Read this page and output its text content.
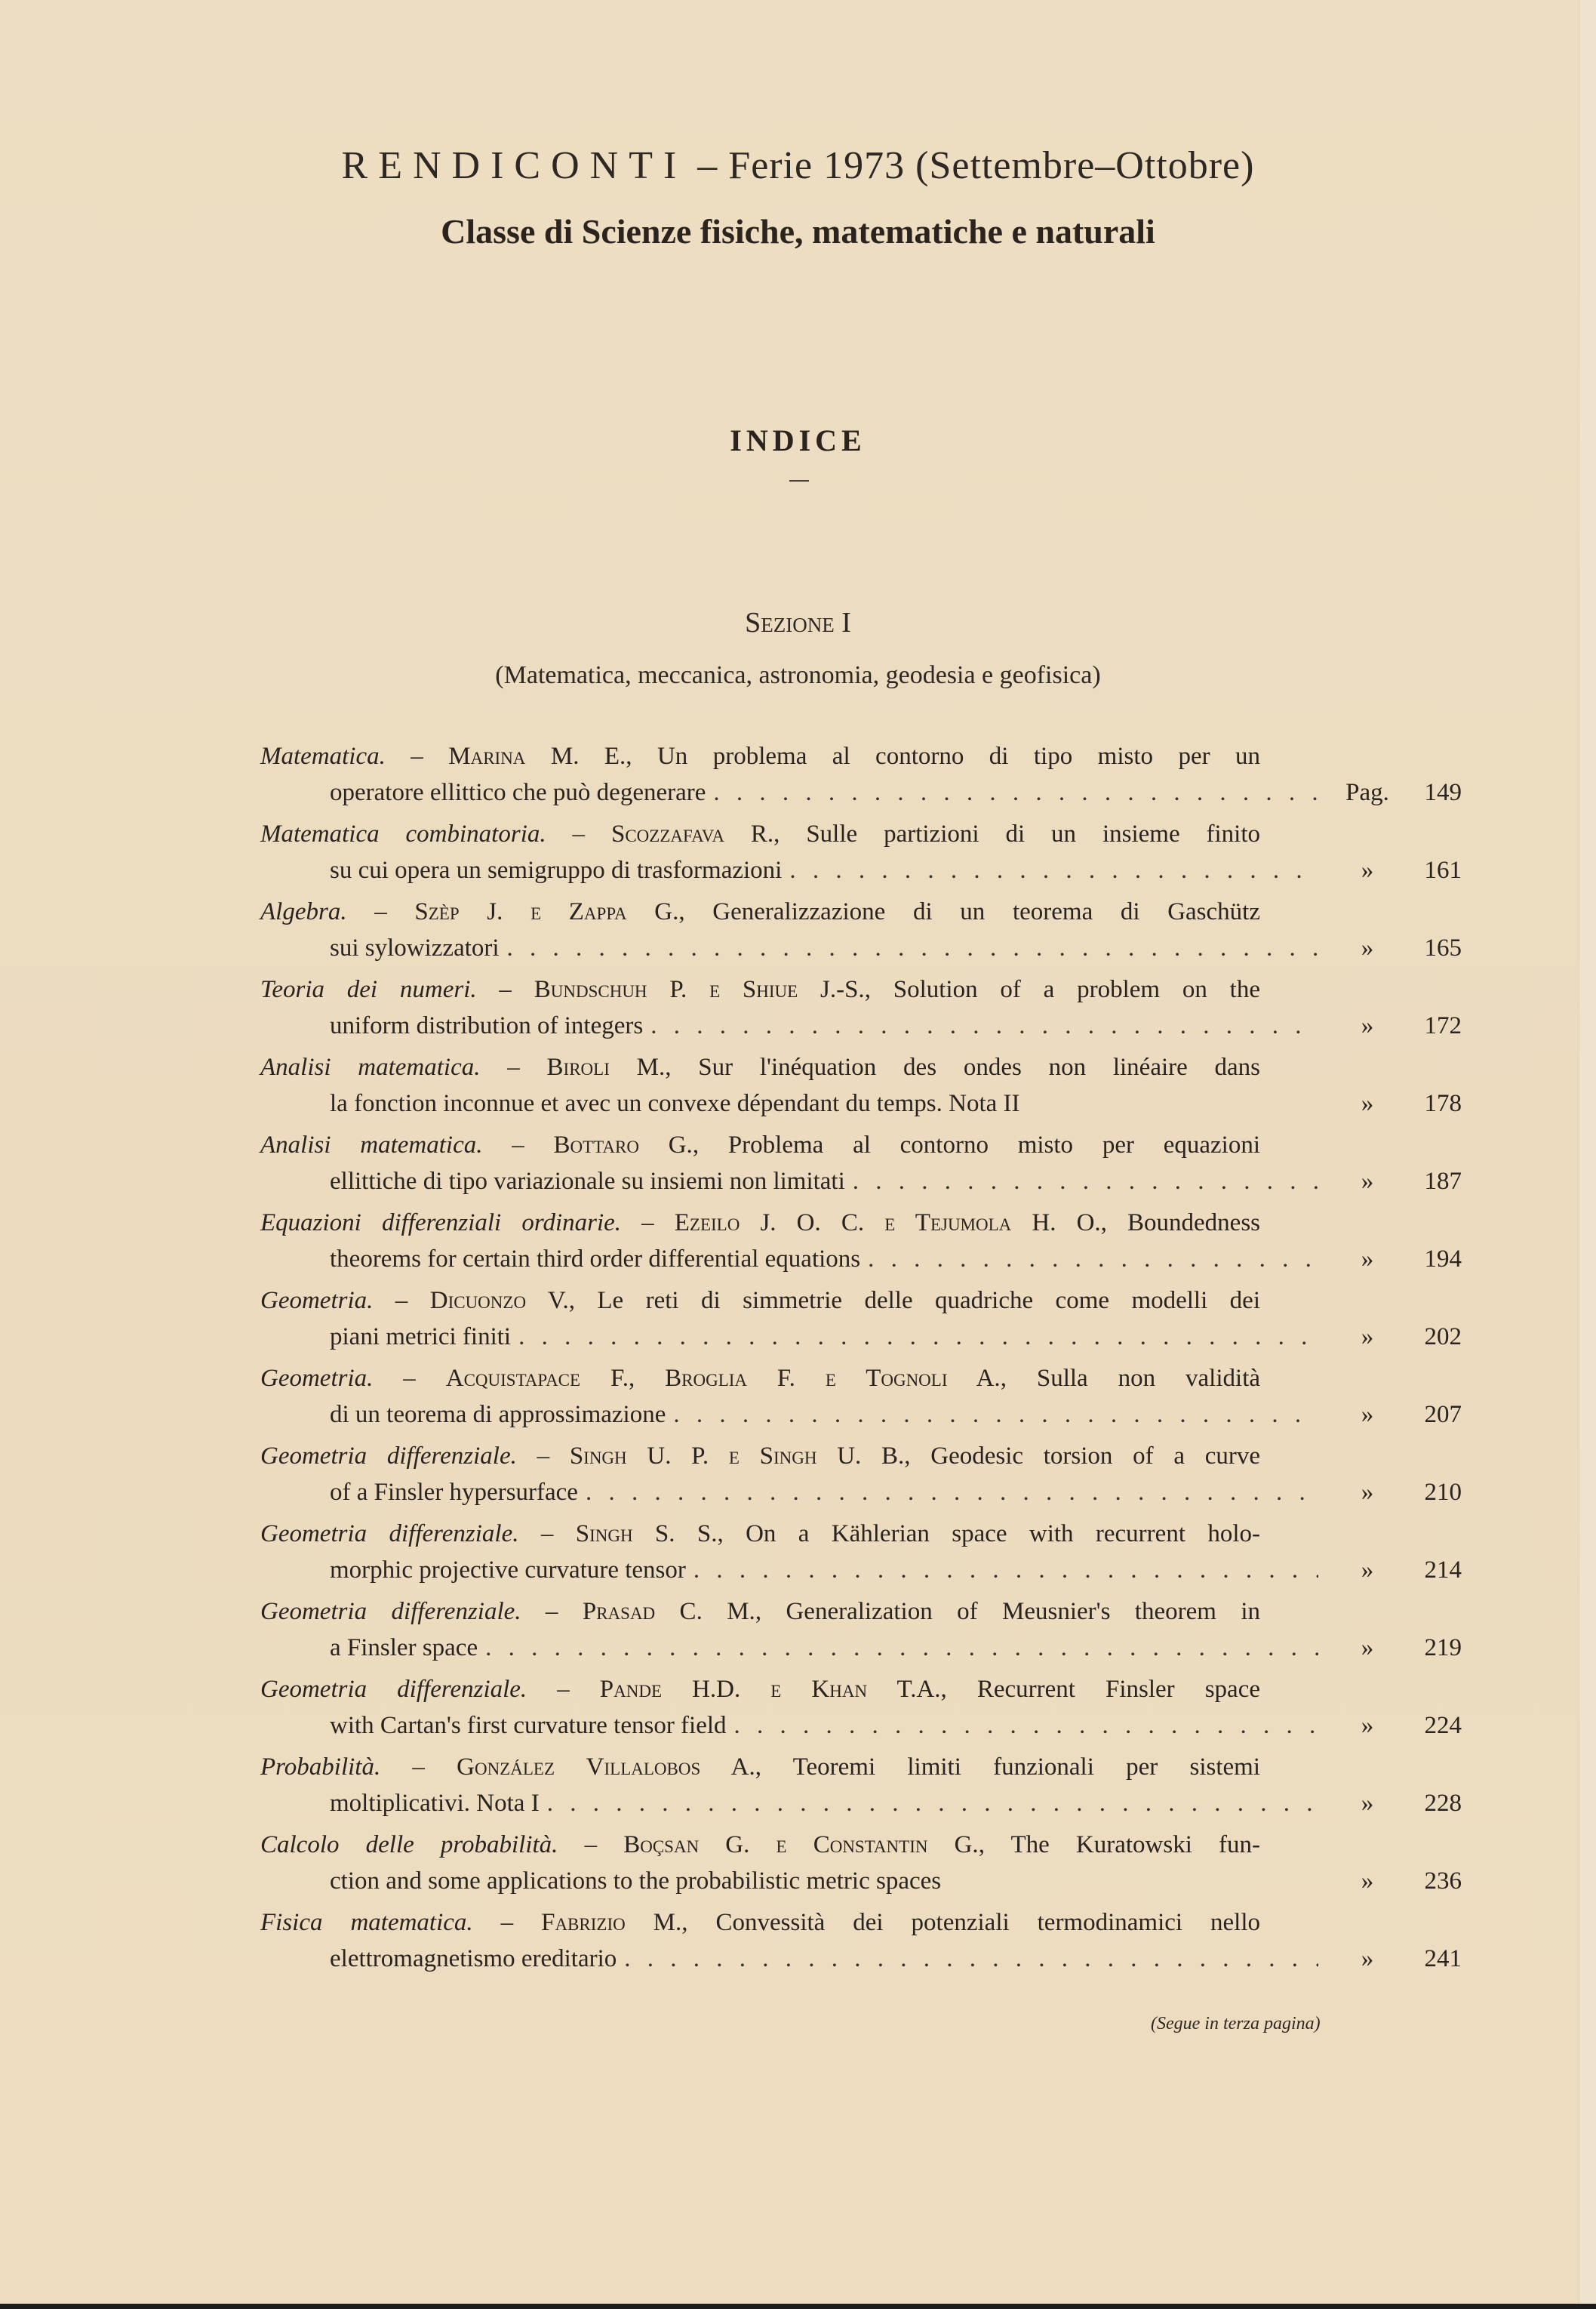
RENDICONTI – Ferie 1973 (Settembre–Ottobre)
Classe di Scienze fisiche, matematiche e naturali
INDICE
Sezione I
(Matematica, meccanica, astronomia, geodesia e geofisica)
Matematica. – Marina M. E., Un problema al contorno di tipo misto per un
operatore ellittico che può degenerare . . .	Pag.	149
Matematica combinatoria. – Scozzafava R., Sulle partizioni di un insieme finito
su cui opera un semigruppo di trasformazioni . . .	»	161
Algebra. – Szèp J. e Zappa G., Generalizzazione di un teorema di Gaschütz
sui sylowizzatori . . .	»	165
Teoria dei numeri. – Bundschuh P. e Shiue J.-S., Solution of a problem on the
uniform distribution of integers . . .	»	172
Analisi matematica. – Biroli M., Sur l'inéquation des ondes non linéaire dans
la fonction inconnue et avec un convexe dépendant du temps. Nota II	»	178
Analisi matematica. – Bottaro G., Problema al contorno misto per equazioni
ellittiche di tipo variazionale su insiemi non limitati . . .	»	187
Equazioni differenziali ordinarie. – Ezeilo J. O. C. e Tejumola H. O., Boundedness
theorems for certain third order differential equations . . .	»	194
Geometria. – Dicuonzo V., Le reti di simmetrie delle quadriche come modelli dei
piani metrici finiti . . .	»	202
Geometria. – Acquistapace F., Broglia F. e Tognoli A., Sulla non validità
di un teorema di approssimazione . . .	»	207
Geometria differenziale. – Singh U. P. e Singh U. B., Geodesic torsion of a curve
of a Finsler hypersurface . . .	»	210
Geometria differenziale. – Singh S. S., On a Kählerian space with recurrent holo-
morphic projective curvature tensor . . .	»	214
Geometria differenziale. – Prasad C. M., Generalization of Meusnier's theorem in
a Finsler space . . .	»	219
Geometria differenziale. – Pande H.D. e Khan T.A., Recurrent Finsler space
with Cartan's first curvature tensor field . . .	»	224
Probabilità. – González Villalobos A., Teoremi limiti funzionali per sistemi
moltiplicativi. Nota I . . .	»	228
Calcolo delle probabilità. – Boçsan G. e Constantin G., The Kuratowski fun-
ction and some applications to the probabilistic metric spaces	»	236
Fisica matematica. – Fabrizio M., Convessità dei potenziali termodinamici nello
elettromagnetismo ereditario . . .	»	241
(Segue in terza pagina)
